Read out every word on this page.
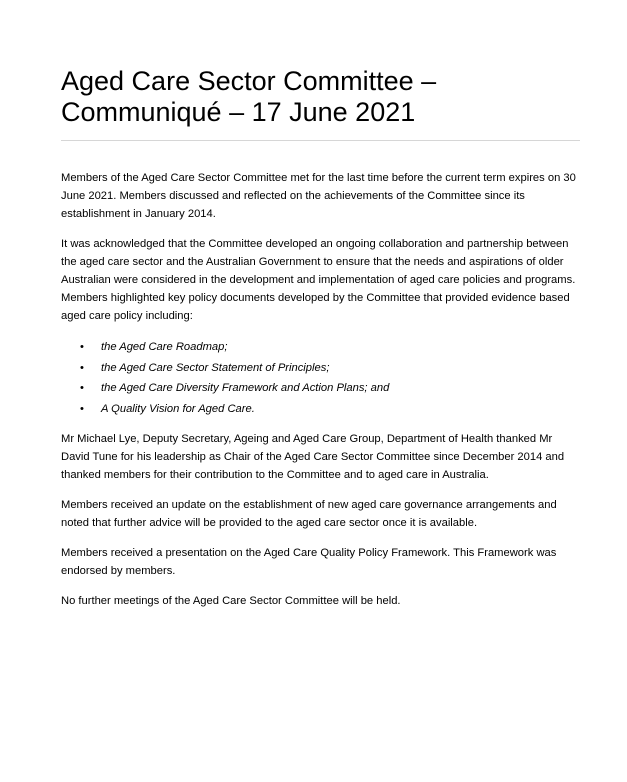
Aged Care Sector Committee –
Communiqué – 17 June 2021

Members of the Aged Care Sector Committee met for the last time before the current term expires on 30 June 2021. Members discussed and reflected on the achievements of the Committee since its establishment in January 2014.

It was acknowledged that the Committee developed an ongoing collaboration and partnership between the aged care sector and the Australian Government to ensure that the needs and aspirations of older Australian were considered in the development and implementation of aged care policies and programs. Members highlighted key policy documents developed by the Committee that provided evidence based aged care policy including:

• the Aged Care Roadmap;
• the Aged Care Sector Statement of Principles;
• the Aged Care Diversity Framework and Action Plans; and
• A Quality Vision for Aged Care.

Mr Michael Lye, Deputy Secretary, Ageing and Aged Care Group, Department of Health thanked Mr David Tune for his leadership as Chair of the Aged Care Sector Committee since December 2014 and thanked members for their contribution to the Committee and to aged care in Australia.

Members received an update on the establishment of new aged care governance arrangements and noted that further advice will be provided to the aged care sector once it is available.

Members received a presentation on the Aged Care Quality Policy Framework. This Framework was endorsed by members.

No further meetings of the Aged Care Sector Committee will be held.
